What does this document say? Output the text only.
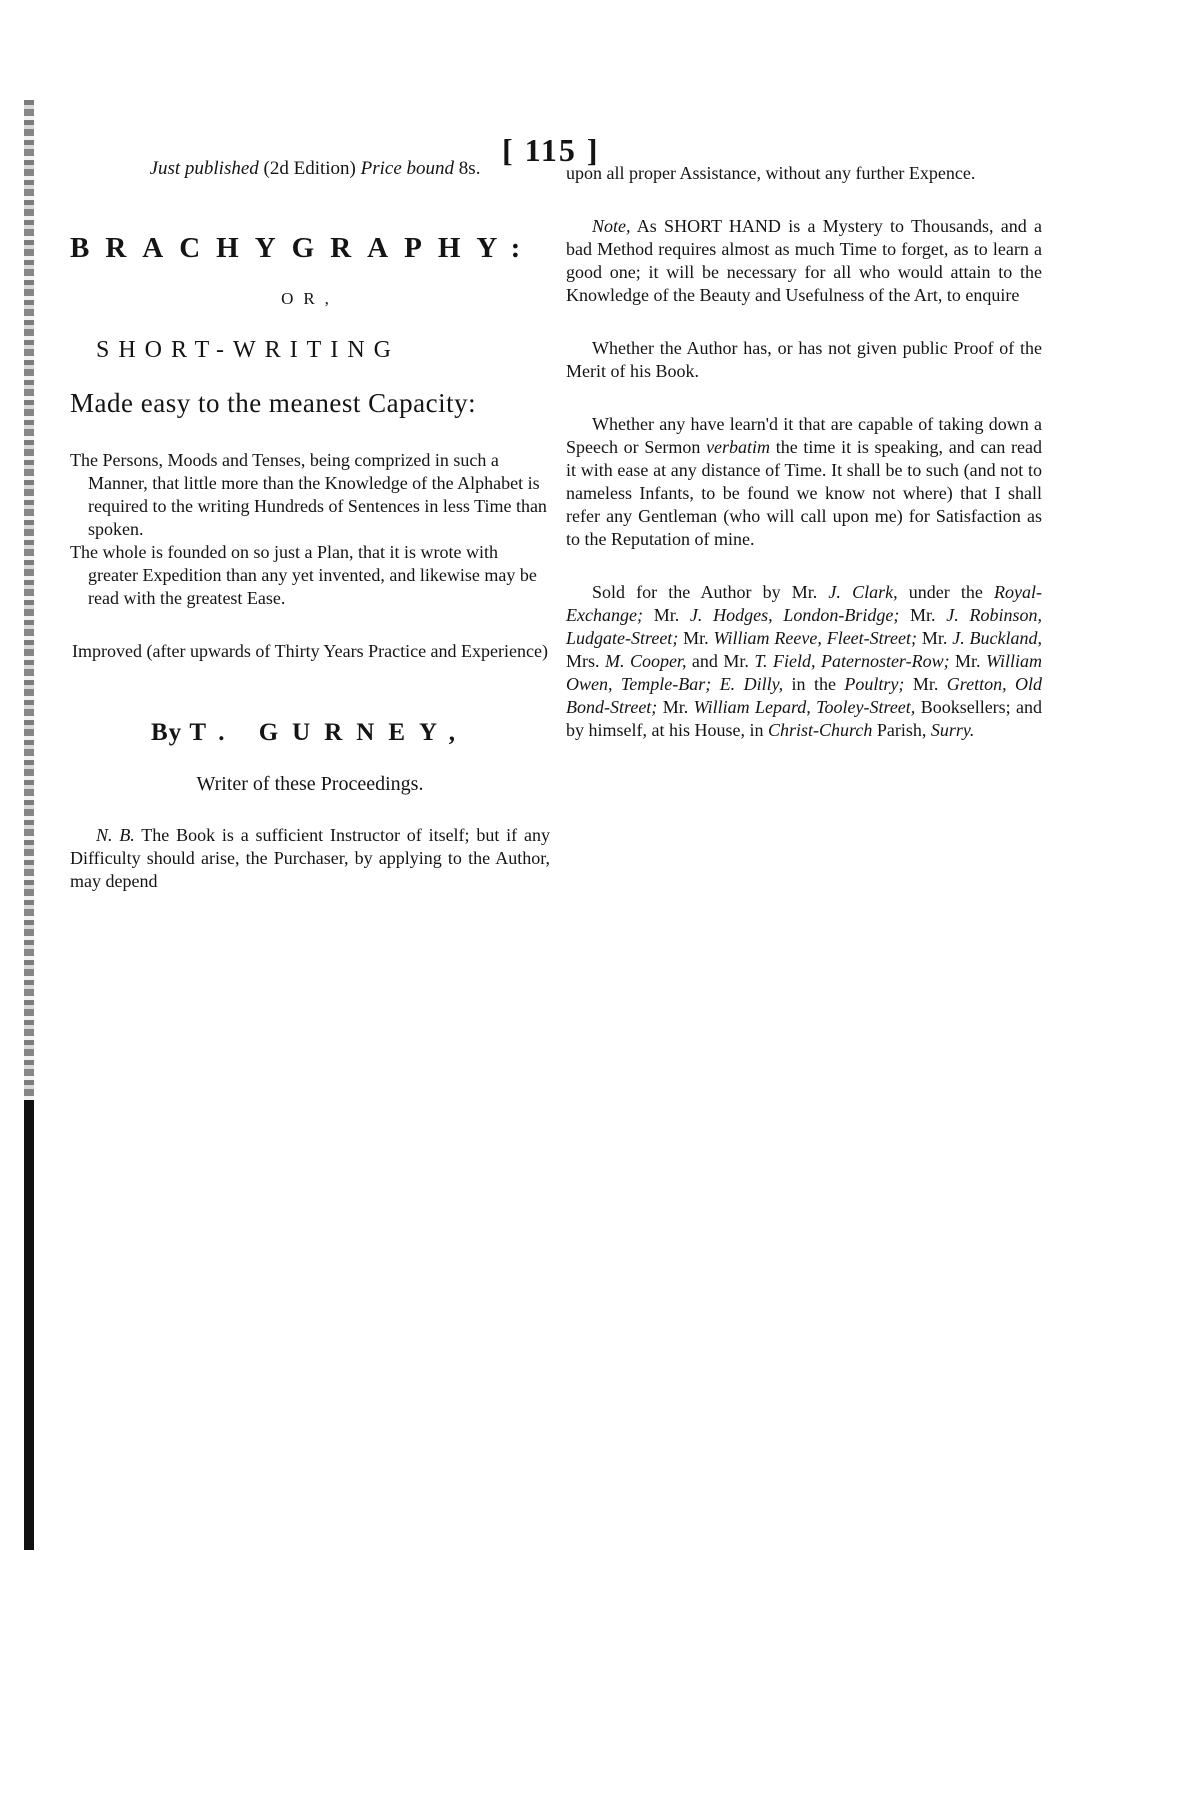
[ 115 ]

Just published (2d Edition) Price bound 8s.

BRACHYGRAPHY:
OR,
SHORT-WRITING
Made easy to the meanest Capacity:

The Persons, Moods and Tenses, being comprized in such a Manner, that little more than the Knowledge of the Alphabet is required to the writing Hundreds of Sentences in less Time than spoken.

The whole is founded on so just a Plan, that it is wrote with greater Expedition than any yet invented, and likewise may be read with the greatest Ease.

Improved (after upwards of Thirty Years Practice and Experience)
By T. GURNEY,
Writer of these Proceedings.

N. B. The Book is a sufficient Instructor of itself; but if any Difficulty should arise, the Purchaser, by applying to the Author, may depend

upon all proper Assistance, without any further Expence.

Note, As SHORT HAND is a Mystery to Thousands, and a bad Method requires almost as much Time to forget, as to learn a good one; it will be necessary for all who would attain to the Knowledge of the Beauty and Usefulness of the Art, to enquire

Whether the Author has, or has not given public Proof of the Merit of his Book.

Whether any have learn'd it that are capable of taking down a Speech or Sermon verbatim the time it is speaking, and can read it with ease at any distance of Time. It shall be to such (and not to nameless Infants, to be found we know not where) that I shall refer any Gentleman (who will call upon me) for Satisfaction as to the Reputation of mine.

Sold for the Author by Mr. J. Clark, under the Royal-Exchange; Mr. J. Hodges, London-Bridge; Mr. J. Robinson, Ludgate-Street; Mr. William Reeve, Fleet-Street; Mr. J. Buckland, Mrs. M. Cooper, and Mr. T. Field, Paternoster-Row; Mr. William Owen, Temple-Bar; E. Dilly, in the Poultry; Mr. Gretton, Old Bond-Street; Mr. William Lepard, Tooley-Street, Booksellers; and by himself, at his House, in Christ-Church Parish, Surry.
